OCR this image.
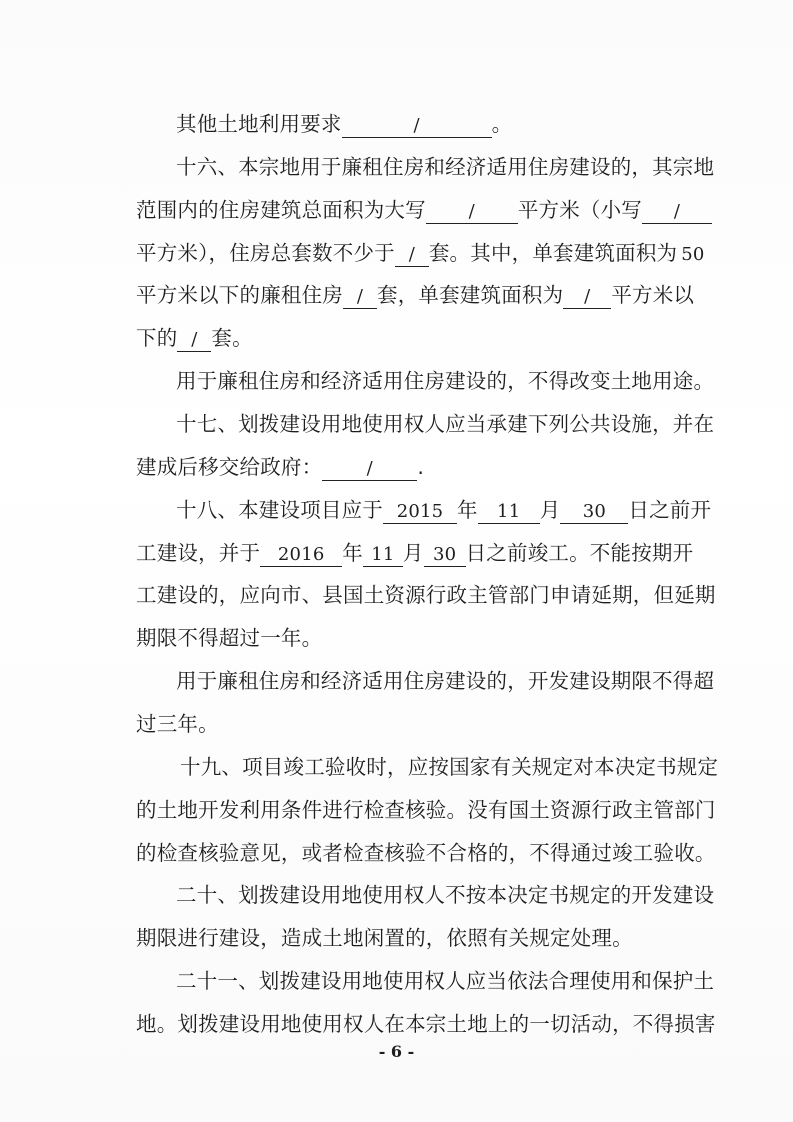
其他土地利用要求	/	。
十六、本宗地用于廉租住房和经济适用住房建设的，其宗地
范围内的住房建筑总面积为大写 / 平方米（小写 /
平方米），住房总套数不少于 / 套。其中，单套建筑面积为 50
平方米以下的廉租住房 / 套，单套建筑面积为 / 平方米以
下的 / 套。
用于廉租住房和经济适用住房建设的，不得改变土地用途。
十七、划拨建设用地使用权人应当承建下列公共设施，并在
建成后移交给政府： / .
十八、本建设项目应于 2015 年 11 月 30 日之前开
工建设，并于 2016 年 11 月 30 日之前竣工。不能按期开
工建设的，应向市、县国土资源行政主管部门申请延期，但延期
期限不得超过一年。
用于廉租住房和经济适用住房建设的，开发建设期限不得超
过三年。
十九、项目竣工验收时，应按国家有关规定对本决定书规定
的土地开发利用条件进行检查核验。没有国土资源行政主管部门
的检查核验意见，或者检查核验不合格的，不得通过竣工验收。
二十、划拨建设用地使用权人不按本决定书规定的开发建设
期限进行建设，造成土地闲置的，依照有关规定处理。
二十一、划拨建设用地使用权人应当依法合理使用和保护土
地。划拨建设用地使用权人在本宗土地上的一切活动，不得损害
- 6 -
